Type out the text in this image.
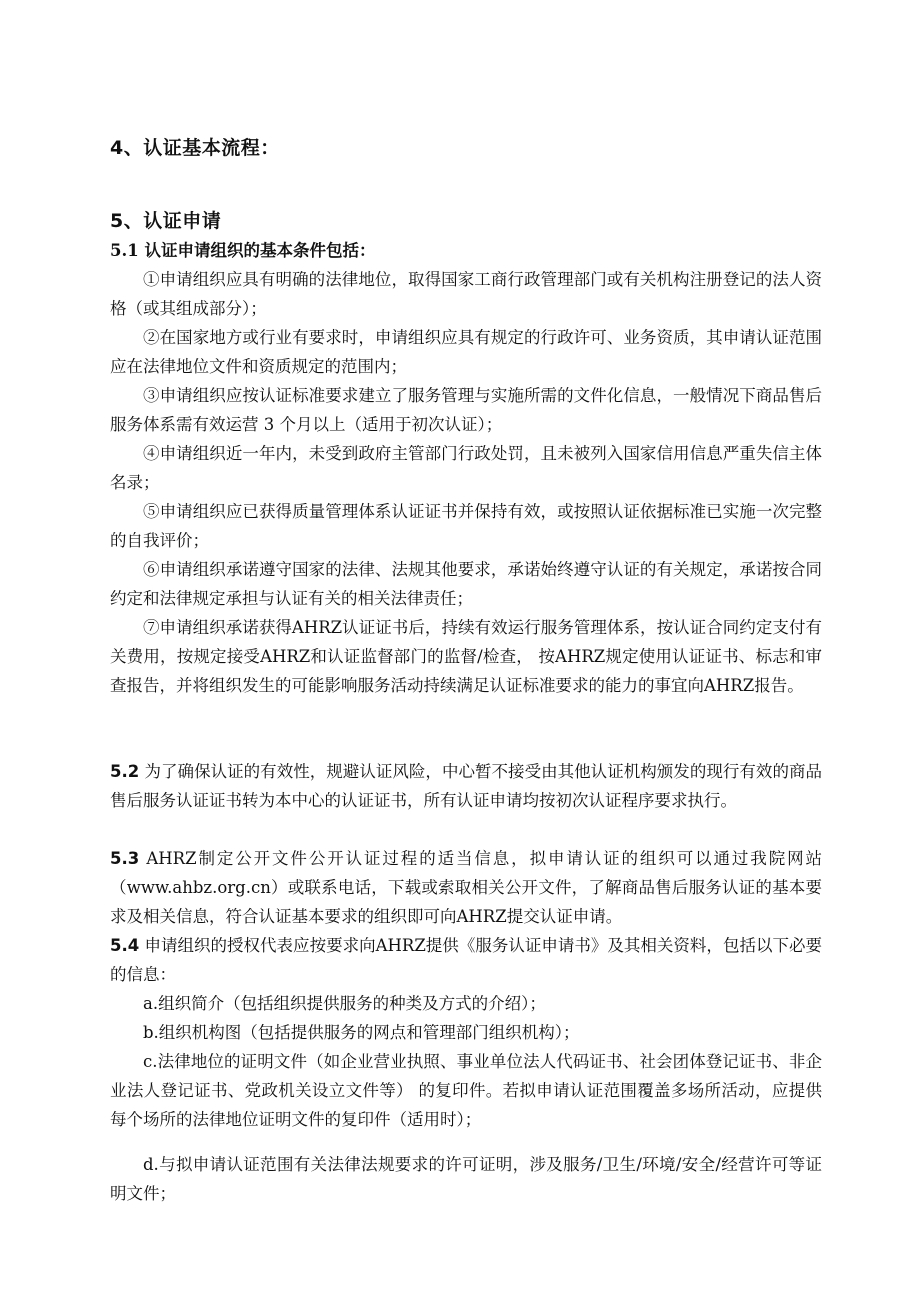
4、认证基本流程：
5、认证申请
5.1 认证申请组织的基本条件包括：
①申请组织应具有明确的法律地位，取得国家工商行政管理部门或有关机构注册登记的法人资格（或其组成部分）；
②在国家地方或行业有要求时，申请组织应具有规定的行政许可、业务资质，其申请认证范围应在法律地位文件和资质规定的范围内；
③申请组织应按认证标准要求建立了服务管理与实施所需的文件化信息，一般情况下商品售后服务体系需有效运营 3 个月以上（适用于初次认证）；
④申请组织近一年内，未受到政府主管部门行政处罚，且未被列入国家信用信息严重失信主体名录；
⑤申请组织应已获得质量管理体系认证证书并保持有效，或按照认证依据标准已实施一次完整的自我评价；
⑥申请组织承诺遵守国家的法律、法规其他要求，承诺始终遵守认证的有关规定，承诺按合同约定和法律规定承担与认证有关的相关法律责任；
⑦申请组织承诺获得AHRZ认证证书后，持续有效运行服务管理体系，按认证合同约定支付有关费用，按规定接受AHRZ和认证监督部门的监督/检查， 按AHRZ规定使用认证证书、标志和审查报告，并将组织发生的可能影响服务活动持续满足认证标准要求的能力的事宜向AHRZ报告。
5.2 为了确保认证的有效性，规避认证风险，中心暂不接受由其他认证机构颁发的现行有效的商品售后服务认证证书转为本中心的认证证书，所有认证申请均按初次认证程序要求执行。
5.3 AHRZ制定公开文件公开认证过程的适当信息，拟申请认证的组织可以通过我院网站（www.ahbz.org.cn）或联系电话，下载或索取相关公开文件，了解商品售后服务认证的基本要求及相关信息，符合认证基本要求的组织即可向AHRZ提交认证申请。
5.4 申请组织的授权代表应按要求向AHRZ提供《服务认证申请书》及其相关资料，包括以下必要的信息：
a.组织简介（包括组织提供服务的种类及方式的介绍）；
b.组织机构图（包括提供服务的网点和管理部门组织机构）；
c.法律地位的证明文件（如企业营业执照、事业单位法人代码证书、社会团体登记证书、非企业法人登记证书、党政机关设立文件等） 的复印件。若拟申请认证范围覆盖多场所活动，应提供每个场所的法律地位证明文件的复印件（适用时）；
d.与拟申请认证范围有关法律法规要求的许可证明，涉及服务/卫生/环境/安全/经营许可等证明文件；
